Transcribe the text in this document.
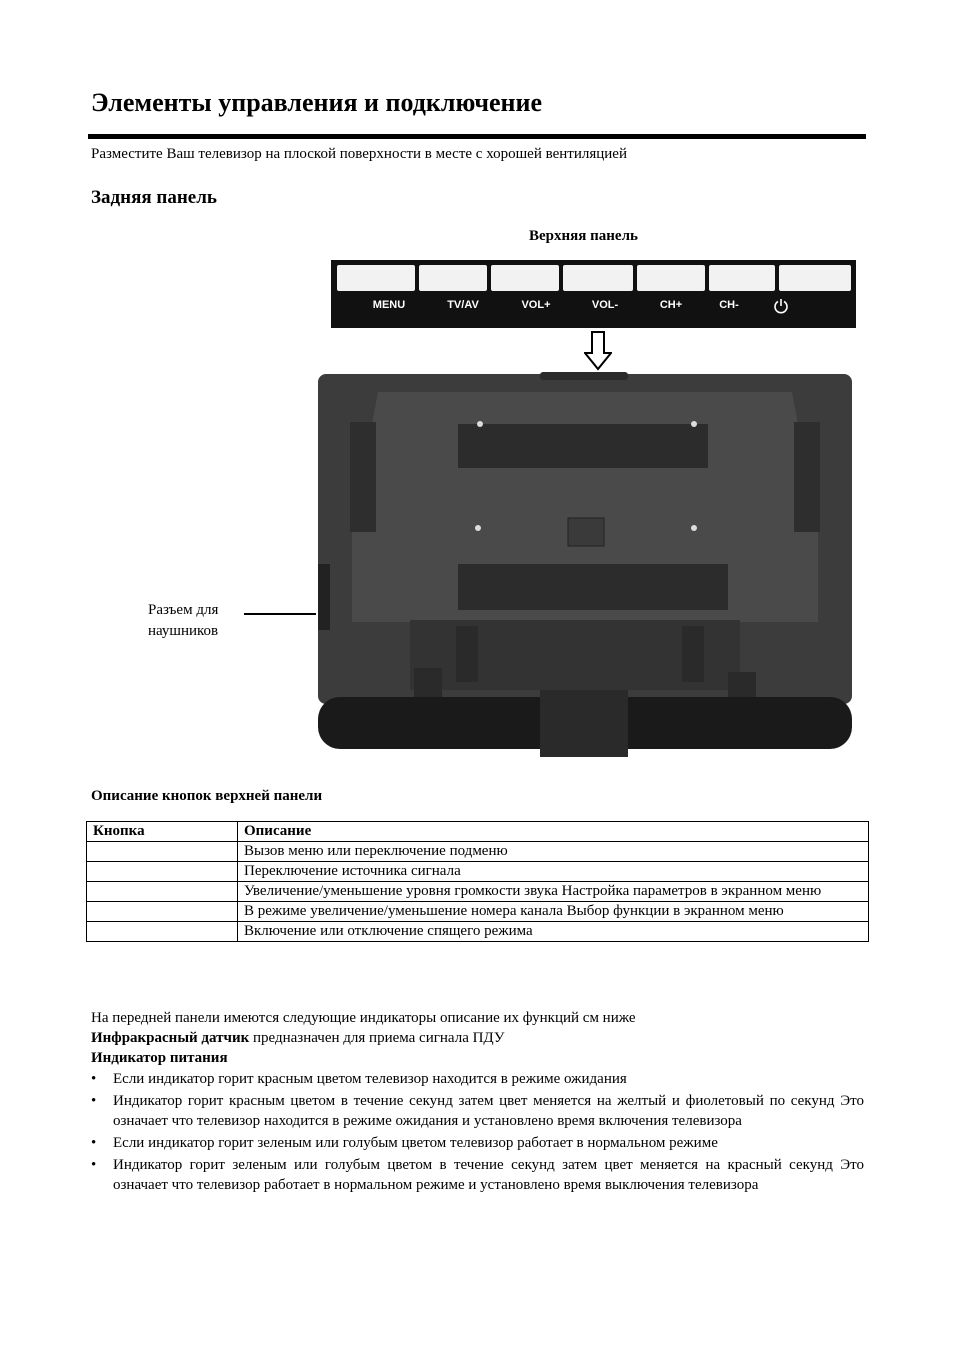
Элементы управления и подключение
Разместите Ваш телевизор на плоской поверхности в месте с хорошей вентиляцией
Задняя панель
Верхняя панель
MENU	TV/AV	VOL+	VOL-	CH+	CH-
Разъем для
наушников
Описание кнопок верхней панели
Кнопка	Описание
	Вызов меню или переключение подменю
	Переключение источника сигнала
	Увеличение/уменьшение уровня громкости звука Настройка параметров в экранном меню
	В режиме увеличение/уменьшение номера канала Выбор функции в экранном меню
	Включение или отключение спящего режима
На передней панели имеются следующие индикаторы описание их функций см ниже
Инфракрасный датчик предназначен для приема сигнала ПДУ
Индикатор питания
• Если индикатор горит красным цветом телевизор находится в режиме ожидания
• Индикатор горит красным цветом в течение секунд затем цвет меняется на желтый и фиолетовый по секунд Это означает что телевизор находится в режиме ожидания и установлено время включения телевизора
• Если индикатор горит зеленым или голубым цветом телевизор работает в нормальном режиме
• Индикатор горит зеленым или голубым цветом в течение секунд затем цвет меняется на красный секунд Это означает что телевизор работает в нормальном режиме и установлено время выключения телевизора
